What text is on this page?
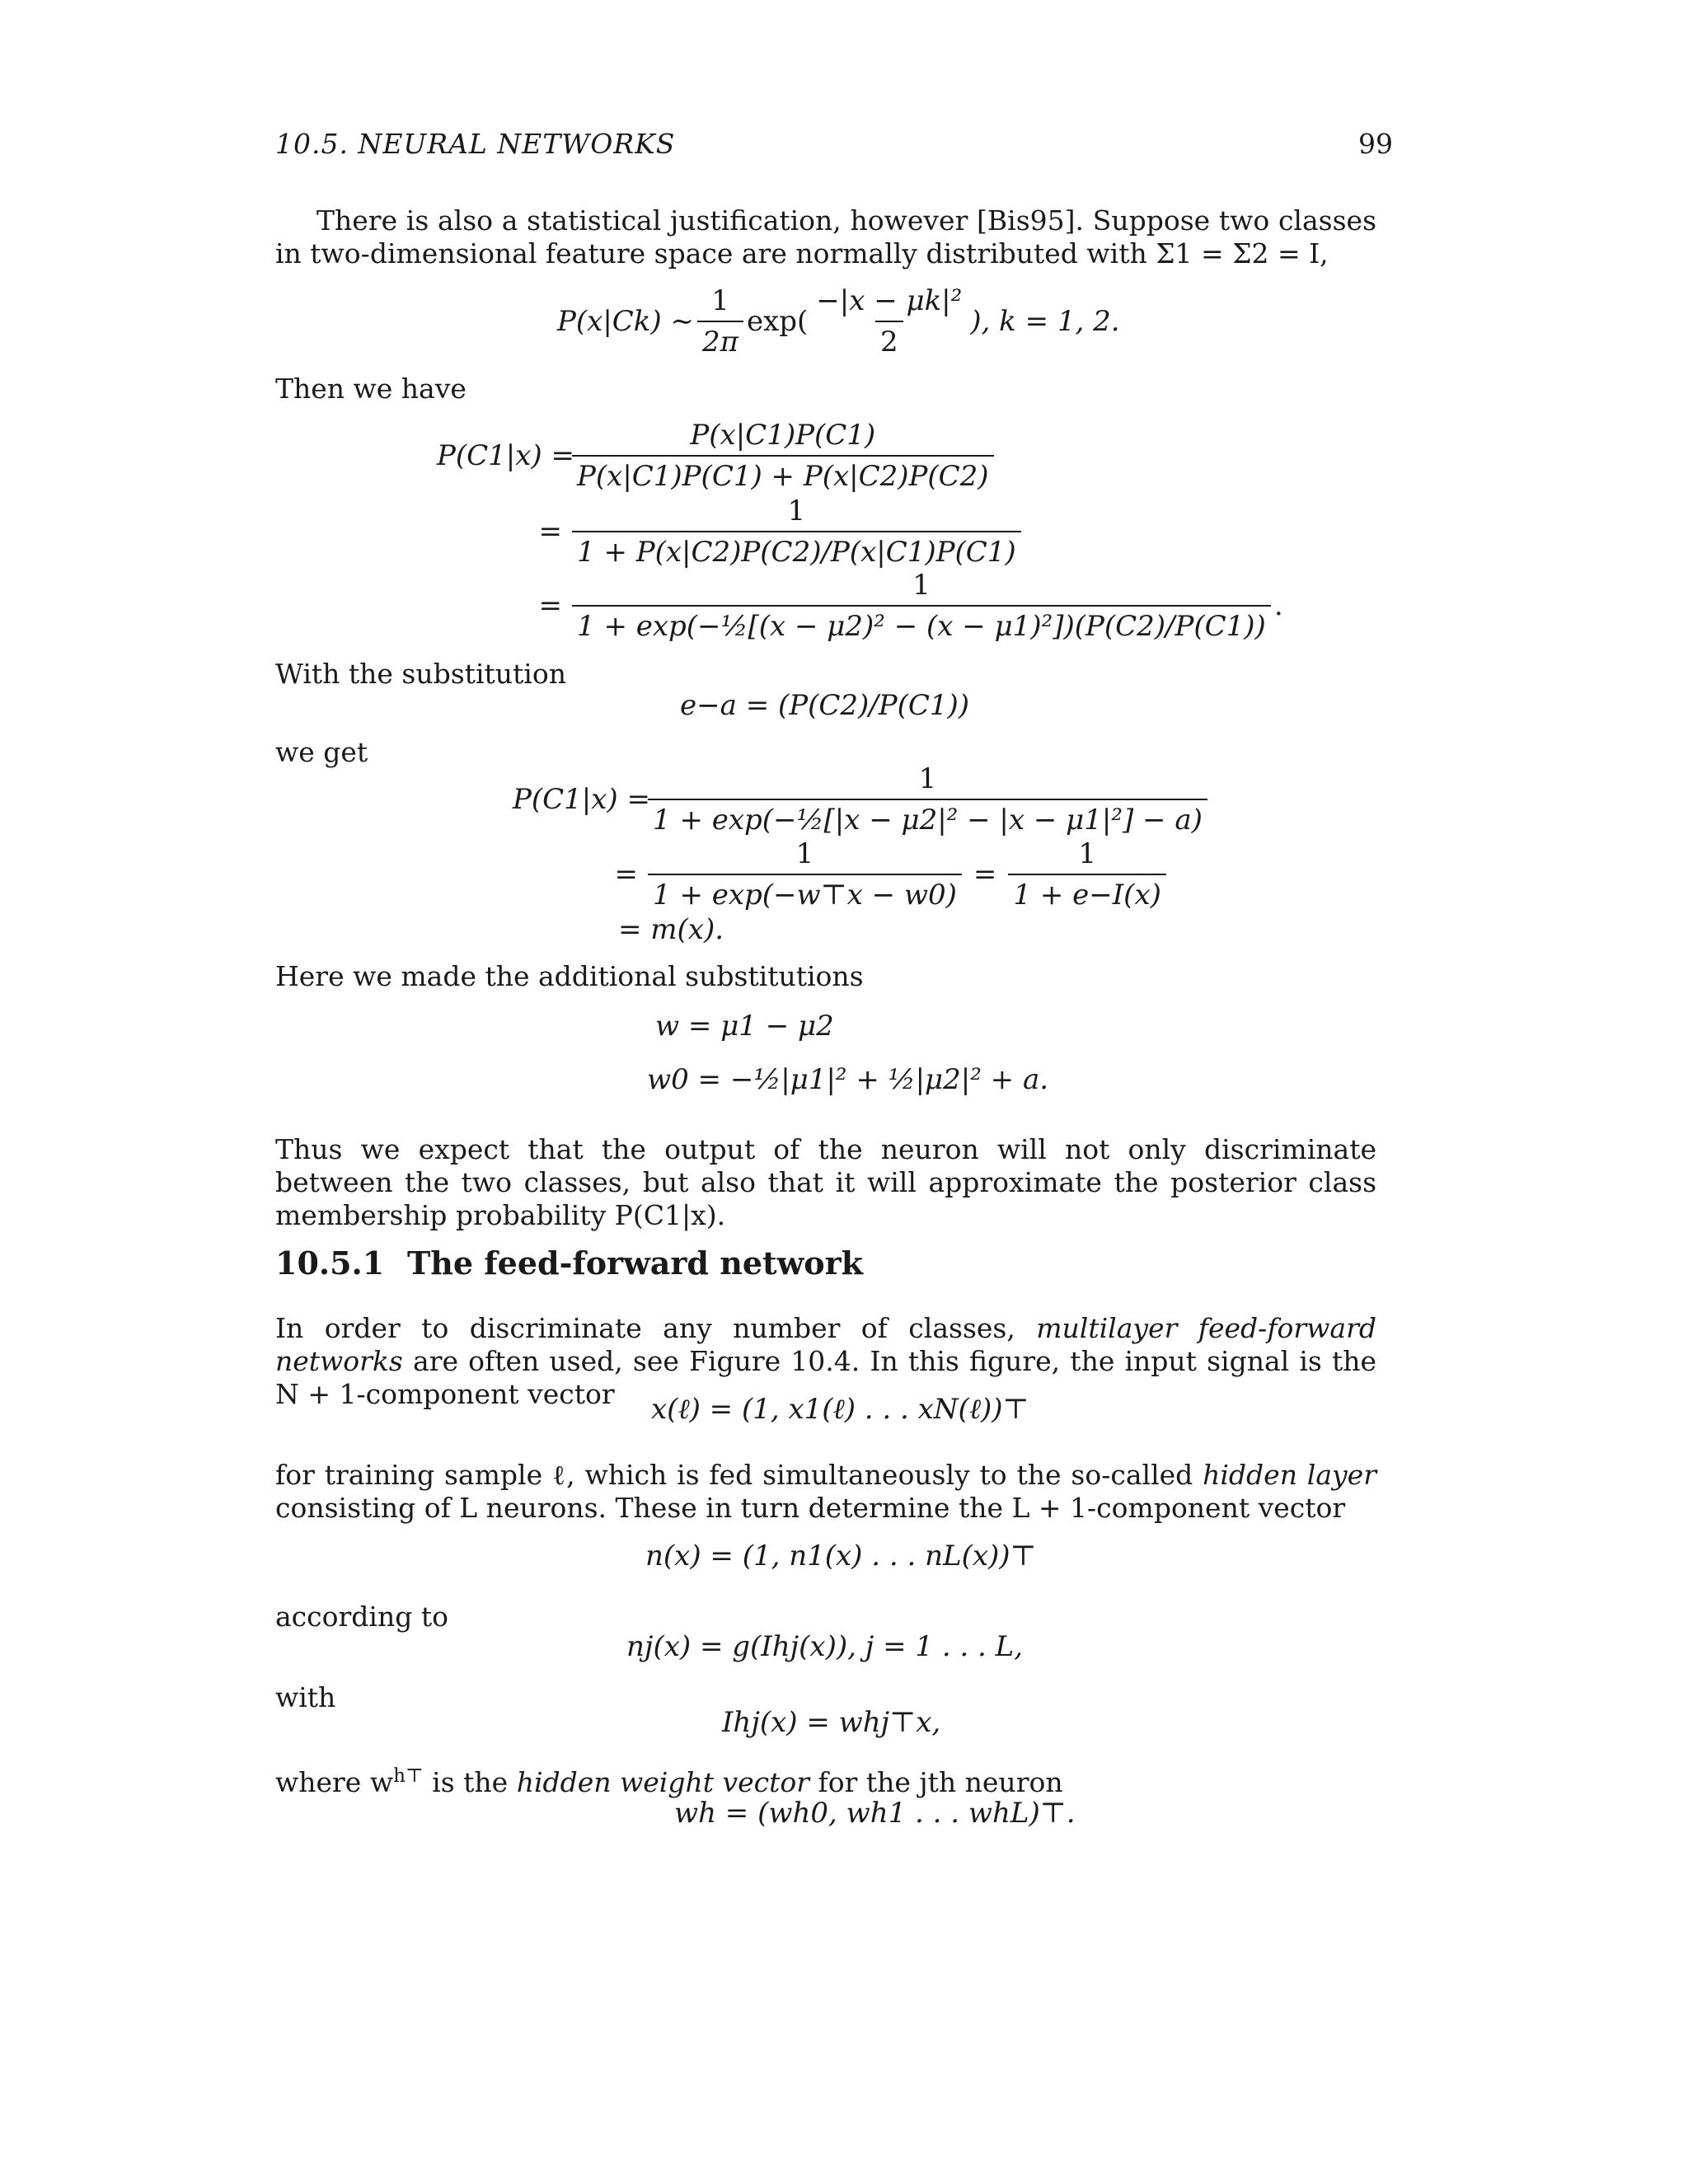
10.5. NEURAL NETWORKS	99

There is also a statistical justification, however [Bis95]. Suppose two classes in two-dimensional feature space are normally distributed with Σ1 = Σ2 = I,

P(x|Ck) ∼ $\frac{1}{2\pi} \exp( \frac{\text{−|x − μk|²}}{2}$ ), k = 1, 2.
Then we have
P(C1|x) =
$\frac{P(x|C1)P(C1)}{P(x|C1)P(C1) + P(x|C2)P(C2)}$
= $\frac{1}{1 + P(x|C2)P(C2)/P(x|C1)P(C1)}$
= $\frac{1}{\text{1 + exp(−½[(x − μ2)² − (x − μ1)²])(P(C2)/P(C1))}}$ .
With the substitution
e−a = (P(C2)/P(C1))
we get
P(C1|x) =
$\frac{1}{\text{1 + exp(−½[|x − μ2|² − |x − μ1|²] − a)}}$
= $\frac{1}{1 + \exp(-w⊤x - w0)} = \frac{1}{1 + e-I(x)}$
= m(x).
Here we made the additional substitutions
w = μ1 − μ2
w0 = −½|μ1|² + ½|μ2|² + a.

Thus we expect that the output of the neuron will not only discriminate between the two classes, but also that it will approximate the posterior class membership probability P(C1|x).

10.5.1 The feed-forward network

In order to discriminate any number of classes, multilayer feed-forward networks are often used, see Figure 10.4. In this figure, the input signal is the N + 1-component vector	x(ℓ) = (1, x1(ℓ) . . . xN(ℓ))⊤

for training sample ℓ, which is fed simultaneously to the so-called hidden layer consisting of L neurons. These in turn determine the L + 1-component vector

n(x) = (1, n1(x) . . . nL(x))⊤
according to
nj(x) = g(Ihj(x)), j = 1 . . . L,
with
Ihj(x) = whj⊤x,
where $w^{h⊤}$ is the hidden weight vector for the jth neuron
wh = (wh0, wh1 . . . whL)⊤.
